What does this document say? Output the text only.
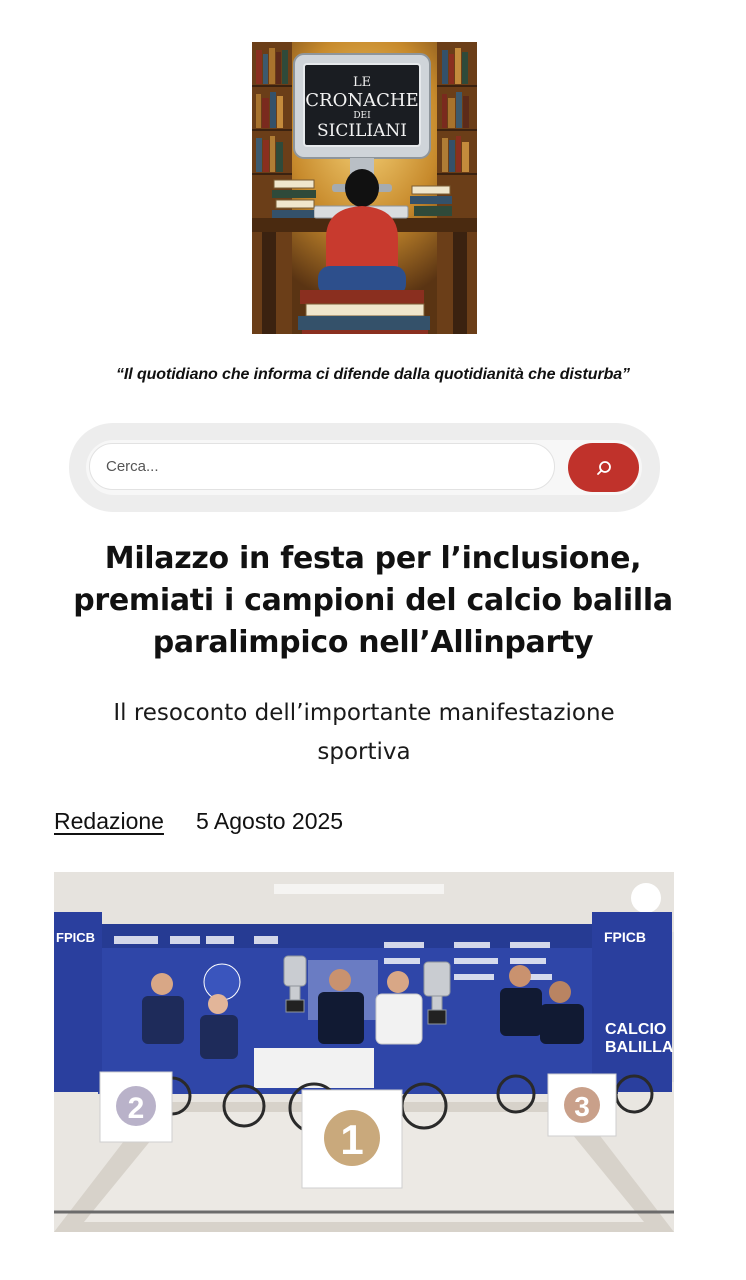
LE
CRONACHE
DEI
SICILIANI
“Il quotidiano che informa ci difende dalla quotidianità che disturba”
Cerca...
Milazzo in festa per l’inclusione, premiati i campioni del calcio balilla paralimpico nell’Allinparty

Il resoconto dell’importante manifestazione sportiva

Redazione 5 Agosto 2025
FPICB	FPICB
CALCIO
BALILLA
2
1
3
